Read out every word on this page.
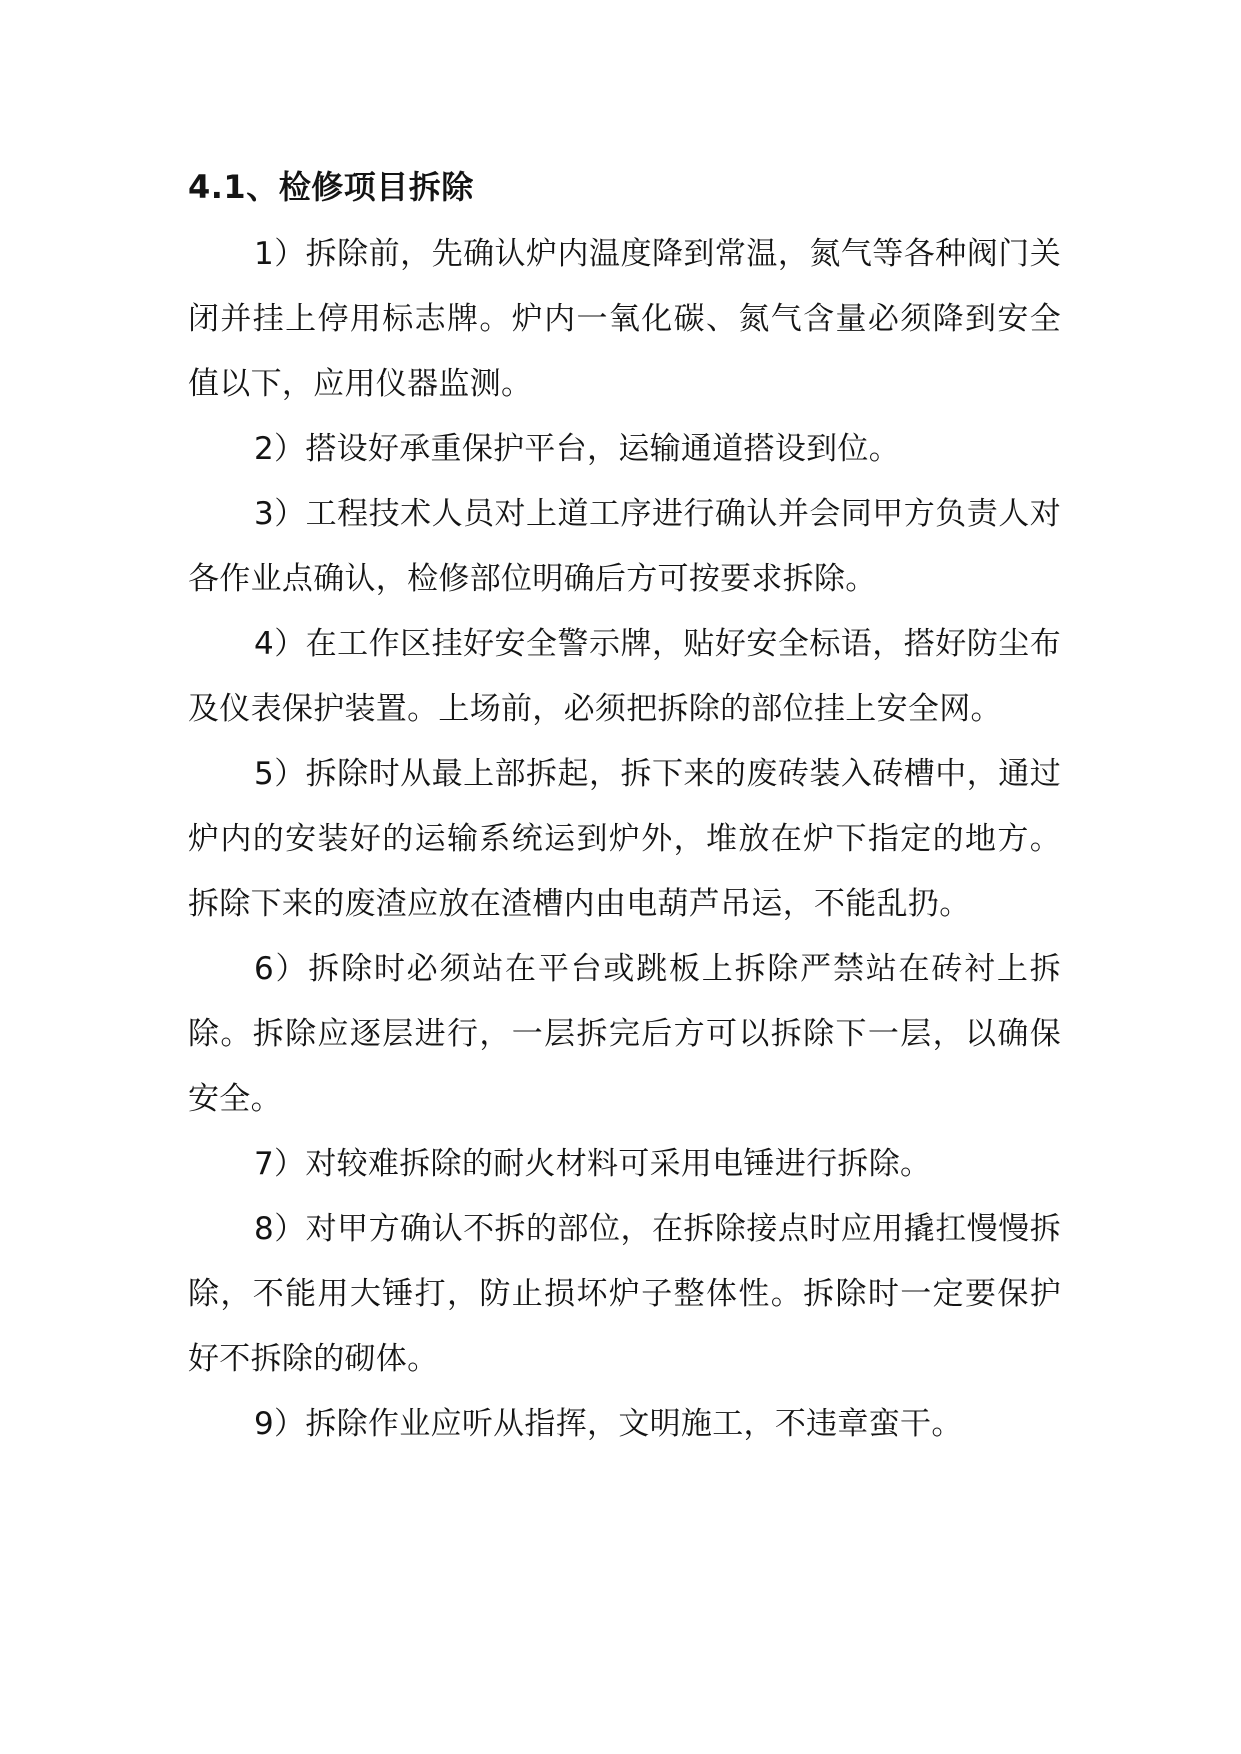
4.1、检修项目拆除

1）拆除前，先确认炉内温度降到常温，氮气等各种阀门关闭并挂上停用标志牌。炉内一氧化碳、氮气含量必须降到安全值以下，应用仪器监测。

2）搭设好承重保护平台，运输通道搭设到位。

3）工程技术人员对上道工序进行确认并会同甲方负责人对各作业点确认，检修部位明确后方可按要求拆除。

4）在工作区挂好安全警示牌，贴好安全标语，搭好防尘布及仪表保护装置。上场前，必须把拆除的部位挂上安全网。

5）拆除时从最上部拆起，拆下来的废砖装入砖槽中，通过炉内的安装好的运输系统运到炉外，堆放在炉下指定的地方。拆除下来的废渣应放在渣槽内由电葫芦吊运，不能乱扔。

6）拆除时必须站在平台或跳板上拆除严禁站在砖衬上拆除。拆除应逐层进行，一层拆完后方可以拆除下一层，以确保安全。

7）对较难拆除的耐火材料可采用电锤进行拆除。

8）对甲方确认不拆的部位，在拆除接点时应用撬扛慢慢拆除，不能用大锤打，防止损坏炉子整体性。拆除时一定要保护好不拆除的砌体。

9）拆除作业应听从指挥，文明施工，不违章蛮干。
